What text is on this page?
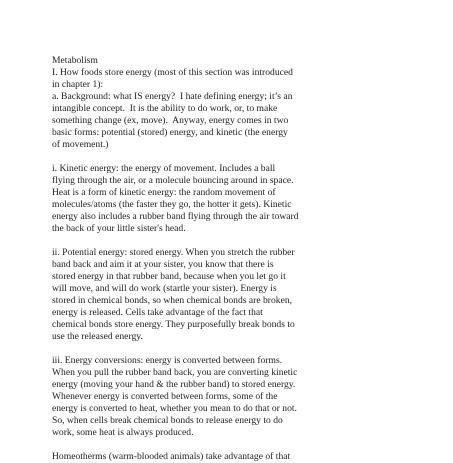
Metabolism
I. How foods store energy (most of this section was introduced
in chapter 1):
a. Background: what IS energy?  I hate defining energy; it’s an
intangible concept.  It is the ability to do work, or, to make
something change (ex, move).  Anyway, energy comes in two
basic forms: potential (stored) energy, and kinetic (the energy
of movement.)
i. Kinetic energy: the energy of movement. Includes a ball
flying through the air, or a molecule bouncing around in space.
Heat is a form of kinetic energy: the random movement of
molecules/atoms (the faster they go, the hotter it gets). Kinetic
energy also includes a rubber band flying through the air toward
the back of your little sister's head.
ii. Potential energy: stored energy. When you stretch the rubber
band back and aim it at your sister, you know that there is
stored energy in that rubber band, because when you let go it
will move, and will do work (startle your sister). Energy is
stored in chemical bonds, so when chemical bonds are broken,
energy is released. Cells take advantage of the fact that
chemical bonds store energy. They purposefully break bonds to
use the released energy.
iii. Energy conversions: energy is converted between forms.
When you pull the rubber band back, you are converting kinetic
energy (moving your hand & the rubber band) to stored energy.
Whenever energy is converted between forms, some of the
energy is converted to heat, whether you mean to do that or not.
So, when cells break chemical bonds to release energy to do
work, some heat is always produced.
Homeotherms (warm-blooded animals) take advantage of that
